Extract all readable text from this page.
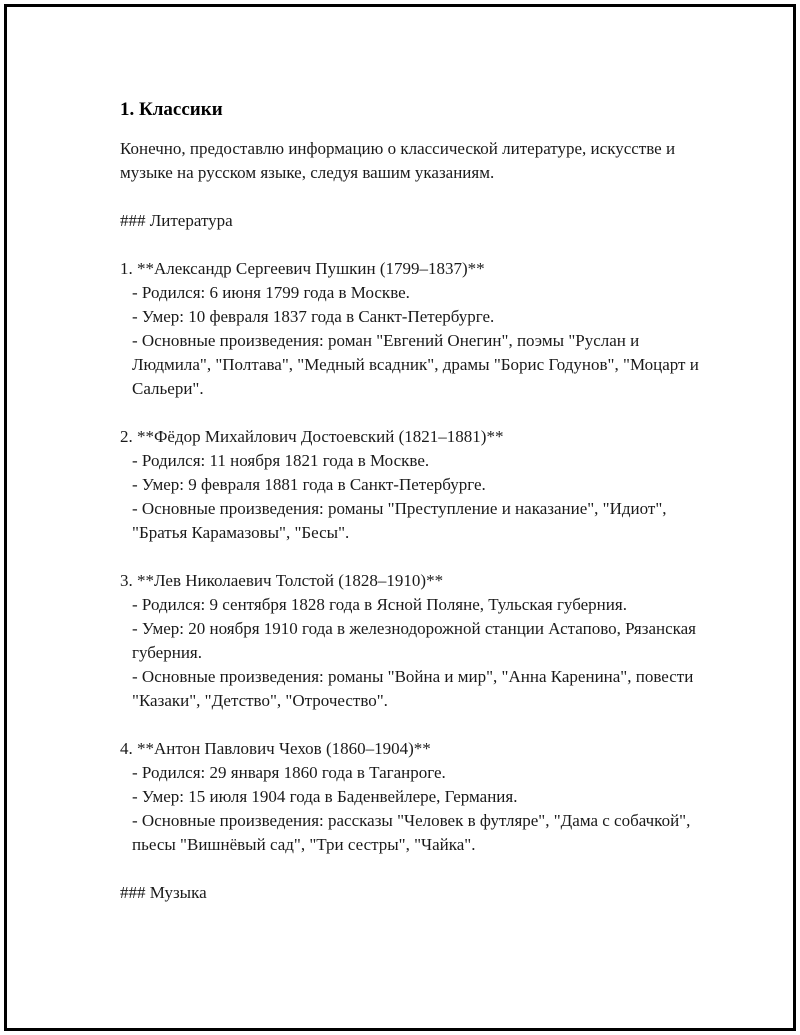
1. Классики
Конечно, предоставлю информацию о классической литературе, искусстве и музыке на русском языке, следуя вашим указаниям.
### Литература
1. **Александр Сергеевич Пушкин (1799–1837)**
- Родился: 6 июня 1799 года в Москве.
- Умер: 10 февраля 1837 года в Санкт-Петербурге.
- Основные произведения: роман "Евгений Онегин", поэмы "Руслан и Людмила", "Полтава", "Медный всадник", драмы "Борис Годунов", "Моцарт и Сальери".
2. **Фёдор Михайлович Достоевский (1821–1881)**
- Родился: 11 ноября 1821 года в Москве.
- Умер: 9 февраля 1881 года в Санкт-Петербурге.
- Основные произведения: романы "Преступление и наказание", "Идиот", "Братья Карамазовы", "Бесы".
3. **Лев Николаевич Толстой (1828–1910)**
- Родился: 9 сентября 1828 года в Ясной Поляне, Тульская губерния.
- Умер: 20 ноября 1910 года в железнодорожной станции Астапово, Рязанская губерния.
- Основные произведения: романы "Война и мир", "Анна Каренина", повести "Казаки", "Детство", "Отрочество".
4. **Антон Павлович Чехов (1860–1904)**
- Родился: 29 января 1860 года в Таганроге.
- Умер: 15 июля 1904 года в Баденвейлере, Германия.
- Основные произведения: рассказы "Человек в футляре", "Дама с собачкой", пьесы "Вишнёвый сад", "Три сестры", "Чайка".
### Музыка
